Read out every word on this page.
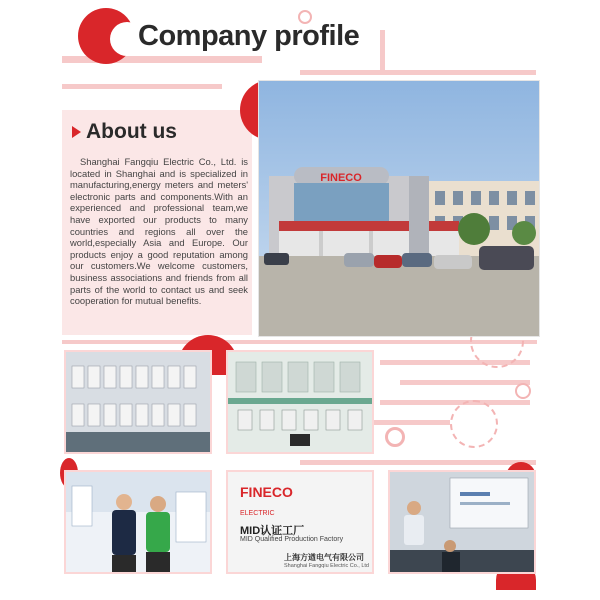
Company profile
About us

Shanghai Fangqiu Electric Co., Ltd. is located in Shanghai and is specialized in manufacturing,energy meters and meters' electronic parts and components.With an experienced and professional team,we have exported our products to many countries and regions all over the world,especially Asia and Europe. Our products enjoy a good reputation among our customers.We welcome customers, business associations and friends from all parts of the world to contact us and seek cooperation for mutual benefits.

FINECO
FINECO
ELECTRIC
MID认证工厂
MID Qualified Production Factory
上海方遒电气有限公司
Shanghai Fangqiu Electric Co., Ltd
